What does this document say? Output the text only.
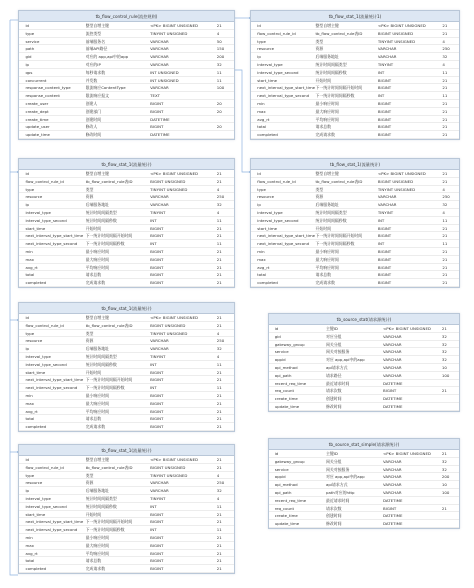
tb_flow_control_rule(流控规则)
id	整型自增主键	<PK> BIGINT UNSIGNED	21
type	流控类型	TINYINT UNSIGNED	4
service	前端服务名	VARCHAR	50
path	前端API路径	VARCHAR	150
gid	对应的 app,api中的app	VARCHAR	200
ip	对应的IP	VARCHAR	32
qps	每秒请求数	INT UNSIGNED	11
concurrent	并发数	INT UNSIGNED	11
response_content_type	限流响应ContentType	VARCHAR	100
response_content	限流响应报文	TEXT
create_user	创建人	BIGINT	20
create_dept	创建部门	BIGINT	20
create_time	创建时间	DATETIME
update_user	修改人	BIGINT	20
update_time	修改时间	DATETIME
tb_flow_stat_1(流量统计1)
id	整型自增主键	<PK> BIGINT UNSIGNED	21
flow_control_rule_id	tb_flow_control_rule表ID	BIGINT UNSIGNED	21
type	类型	TINYINT UNSIGNED	4
resource	资源	VARCHAR	250
ip	后端服务地址	VARCHAR	32
interval_type	统计时间间隔类型	TINYINT	4
interval_type_second	统计时间间隔秒数	INT	11
start_time	开始时间	BIGINT	21
next_interval_type_start_time 下一统计时间间隔开始时间	BIGINT	21
next_interval_type_second	下一统计时间间隔秒数	INT	11
min	最小响应时间	BIGINT	21
max	最大响应时间	BIGINT	21
avg_rt	平均响应时间	BIGINT	21
total	请求总数	BIGINT	21
completed	完成请求数	BIGINT	21
tb_flow_stat_1(流量统计)
id	整型自增主键	<PK> BIGINT UNSIGNED	21
flow_control_rule_id	tb_flow_control_rule表ID	BIGINT UNSIGNED	21
type	类型	TINYINT UNSIGNED	4
resource	资源	VARCHAR	250
ip	后端服务地址	VARCHAR	32
interval_type	统计时间间隔类型	TINYINT	4
interval_type_second	统计时间间隔秒数	INT	11
start_time	开始时间	BIGINT	21
next_interval_type_start_time 下一统计时间间隔开始时间	BIGINT	21
next_interval_type_second	下一统计时间间隔秒数	INT	11
min	最小响应时间	BIGINT	21
max	最大响应时间	BIGINT	21
avg_rt	平均响应时间	BIGINT	21
total	请求总数	BIGINT	21
completed	完成请求数	BIGINT	21
tb_flow_stat_1(流量统计)
id	整型自增主键	<PK> BIGINT UNSIGNED	21
flow_control_rule_id	tb_flow_control_rule表ID	BIGINT UNSIGNED	21
type	类型	TINYINT UNSIGNED	4
resource	资源	VARCHAR	250
ip	后端服务地址	VARCHAR	32
interval_type	统计时间间隔类型	TINYINT	4
interval_type_second	统计时间间隔秒数	INT	11
start_time	开始时间	BIGINT	21
next_interval_type_start_time 下一统计时间间隔开始时间	BIGINT	21
next_interval_type_second	下一统计时间间隔秒数	INT	11
min	最小响应时间	BIGINT	21
max	最大响应时间	BIGINT	21
avg_rt	平均响应时间	BIGINT	21
total	请求总数	BIGINT	21
completed	完成请求数	BIGINT	21
tb_flow_stat_1(流量统计)
id	整型自增主键	<PK> BIGINT UNSIGNED	21
flow_control_rule_id	tb_flow_control_rule表ID	BIGINT UNSIGNED	21
type	类型	TINYINT UNSIGNED	4
resource	资源	VARCHAR	250
ip	后端服务地址	VARCHAR	32
interval_type	统计时间间隔类型	TINYINT	4
interval_type_second	统计时间间隔秒数	INT	11
start_time	开始时间	BIGINT	21
next_interval_type_start_time 下一统计时间间隔开始时间	BIGINT	21
next_interval_type_second	下一统计时间间隔秒数	INT	11
min	最小响应时间	BIGINT	21
max	最大响应时间	BIGINT	21
avg_rt	平均响应时间	BIGINT	21
total	请求总数	BIGINT	21
completed	完成请求数	BIGINT	21
tb_flow_stat_1(流量统计)
id	整型自增主键	<PK> BIGINT UNSIGNED	21
flow_control_rule_id	tb_flow_control_rule表ID	BIGINT UNSIGNED	21
type	类型	TINYINT UNSIGNED	4
resource	资源	VARCHAR	250
ip	后端服务地址	VARCHAR	32
interval_type	统计时间间隔类型	TINYINT	4
interval_type_second	统计时间间隔秒数	INT	11
start_time	开始时间	BIGINT	21
next_interval_type_start_time 下一统计时间间隔开始时间	BIGINT	21
next_interval_type_second	下一统计时间间隔秒数	INT	11
min	最小响应时间	BIGINT	21
max	最大响应时间	BIGINT	21
avg_rt	平均响应时间	BIGINT	21
total	请求总数	BIGINT	21
completed	完成请求数	BIGINT	21
tb_source_stat(请求源统计)
id	主键ID	<PK> BIGINT UNSIGNED	21
gid	对应分组	VARCHAR	32
gateway_group	网关分组	VARCHAR	32
service	网关对接服务	VARCHAR	32
appid	对应 app,api中的app	VARCHAR	32
api_method	api请求方式	VARCHAR	10
api_path	请求路径	VARCHAR	100
recent_req_time	最近请求时间	DATETIME
req_count	请求次数	BIGINT	21
create_time	创建时间	DATETIME
update_time	修改时间	DATETIME
tb_source_stat_simple(请求源统计)
id	主键ID	<PK> BIGINT UNSIGNED	21
gateway_group	网关分组	VARCHAR	32
service	网关对接服务	VARCHAR	32
appid	对应 app,api中的app	VARCHAR	200
api_method	api请求方式	VARCHAR	10
api_path	path对应的http	VARCHAR	100
recent_req_time	最近请求时间	DATETIME
req_count	请求次数	BIGINT	21
create_time	创建时间	DATETIME
update_time	修改时间	DATETIME
